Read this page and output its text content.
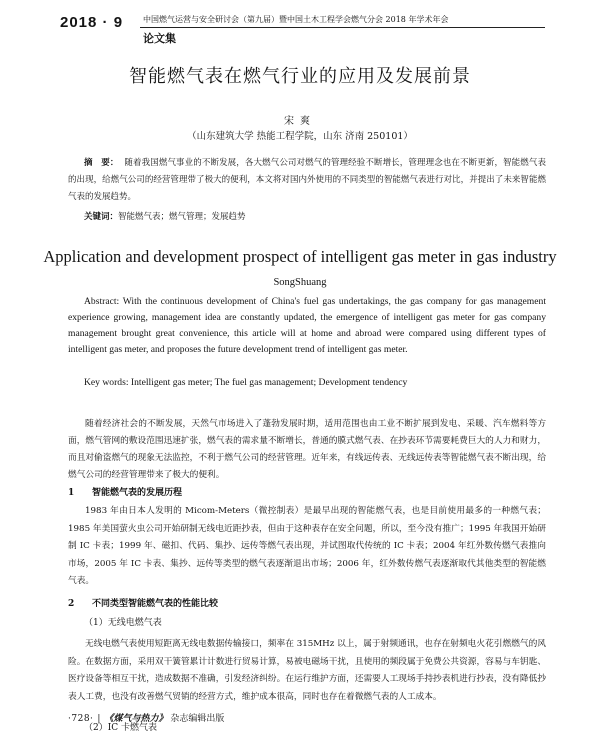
2018 · 9 中国燃气运营与安全研讨会（第九届）暨中国土木工程学会燃气分会 2018 年学术年会
论文集
智能燃气表在燃气行业的应用及发展前景
宋爽
（山东建筑大学 热能工程学院，山东 济南 250101）
摘　要： 随着我国燃气事业的不断发展，各大燃气公司对燃气的管理经验不断增长，管理理念也在不断更新，智能燃气表的出现，给燃气公司的经营管理带了极大的便利，本文将对国内外使用的不同类型的智能燃气表进行对比，并提出了未来智能燃气表的发展趋势。
关键词：智能燃气表；燃气管理；发展趋势
Application and development prospect of intelligent gas meter in gas industry
SongShuang
Abstract: With the continuous development of China's fuel gas undertakings, the gas company for gas management experience growing, management idea are constantly updated, the emergence of intelligent gas meter for gas company management brought great convenience, this article will at home and abroad were compared using different types of intelligent gas meter, and proposes the future development trend of intelligent gas meter.
Key words: Intelligent gas meter; The fuel gas management; Development tendency
随着经济社会的不断发展，天然气市场进入了蓬勃发展时期，适用范围也由工业不断扩展到发电、采暖、汽车燃料等方面，燃气管网的敷设范围迅速扩张，燃气表的需求量不断增长，普通的膜式燃气表、在抄表环节需要耗费巨大的人力和财力，而且对偷盗燃气的现象无法监控，不利于燃气公司的经营管理。近年来，有线远传表、无线远传表等智能燃气表不断出现，给燃气公司的经营管理带来了极大的便利。
1 智能燃气表的发展历程
1983 年由日本人发明的 Micom-Meters（微控制表）是最早出现的智能燃气表，也是目前使用最多的一种燃气表；1985 年美国萤火虫公司开始研制无线电近距抄表，但由于这种表存在安全问题，所以，至今没有推广；1995 年我国开始研制 IC 卡表；1999 年、磁扣、代码、集抄、远传等燃气表出现，并试图取代传统的 IC 卡表；2004 年红外数传燃气表推向市场，2005 年 IC 卡表、集抄、远传等类型的燃气表逐渐退出市场；2006 年，红外数传燃气表逐渐取代其他类型的智能燃气表。
2 不同类型智能燃气表的性能比较
（1）无线电燃气表
无线电燃气表使用短距离无线电数据传输接口，频率在 315MHz 以上，属于射频通讯，也存在射频电火花引燃燃气的风险。在数据方面，采用双干簧管累计计数进行贸易计算，易被电磁场干扰，且使用的频段属于免费公共资源，容易与车钥匙、医疗设备等相互干扰，造成数据不准确，引发经济纠纷。在运行维护方面，还需要人工现场手持抄表机进行抄表，没有降低抄表人工费，也没有改善燃气贸销的经营方式，维护成本很高，同时也存在着微燃气表的人工成本。
（2）IC 卡燃气表
·728· | 《煤气与热力》 杂志编辑出版
